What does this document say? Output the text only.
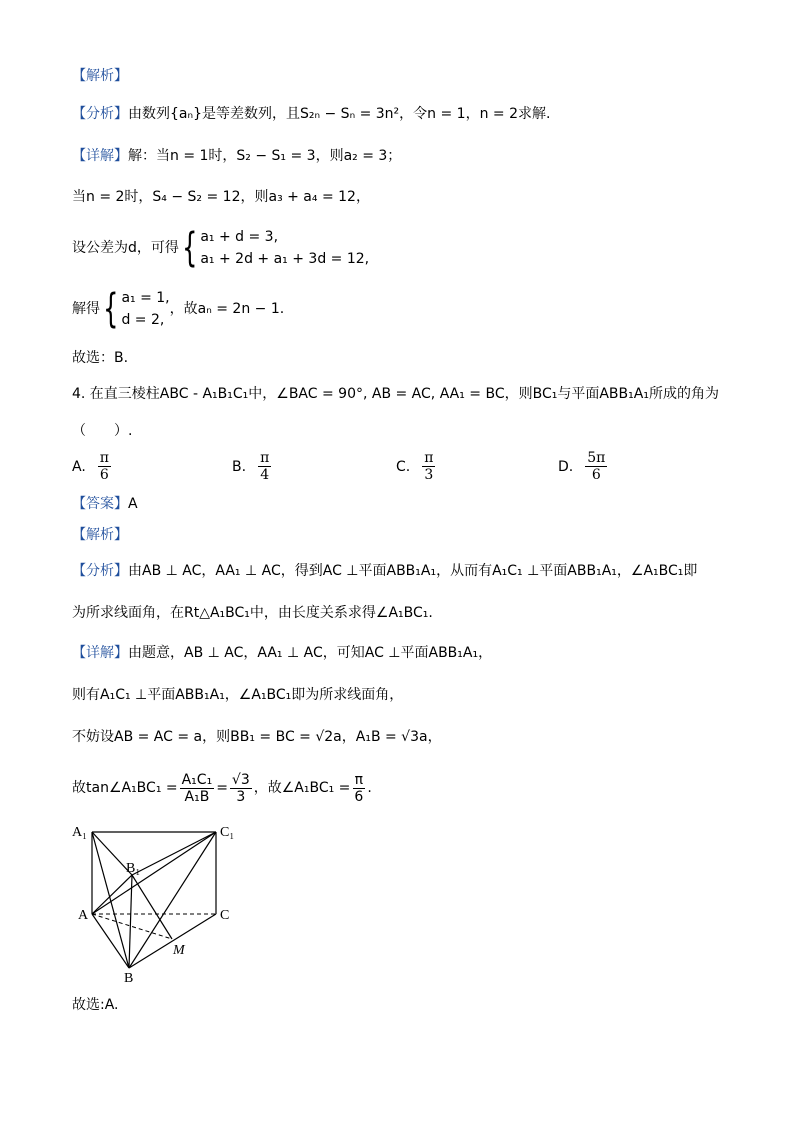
【解析】
【分析】由数列{aₙ}是等差数列，且S₂ₙ − Sₙ = 3n²，令n = 1，n = 2求解.
【详解】解：当n = 1时，S₂ − S₁ = 3，则a₂ = 3；
当n = 2时，S₄ − S₂ = 12，则a₃ + a₄ = 12，
设公差为d，可得 { a₁ + d = 3,
a₁ + 2d + a₁ + 3d = 12,
解得 { a₁ = 1,
d = 2,
，故aₙ = 2n − 1.
故选：B.
4. 在直三棱柱ABC - A₁B₁C₁中，∠BAC = 90°, AB = AC, AA₁ = BC，则BC₁与平面ABB₁A₁所成的角为
（　　）.
A. $\frac{\pi}{6}$	B. $\frac{\pi}{4}$	C. $\frac{\pi}{3}$	D. $\frac{5\pi}{6}$
【答案】A
【解析】
【分析】由AB ⊥ AC，AA₁ ⊥ AC，得到AC ⊥平面ABB₁A₁，从而有A₁C₁ ⊥平面ABB₁A₁，∠A₁BC₁即
为所求线面角，在Rt△A₁BC₁中，由长度关系求得∠A₁BC₁.
【详解】由题意，AB ⊥ AC，AA₁ ⊥ AC，可知AC ⊥平面ABB₁A₁，
则有A₁C₁ ⊥平面ABB₁A₁，∠A₁BC₁即为所求线面角，
不妨设AB = AC = a，则BB₁ = BC = √2a，A₁B = √3a，
故tan∠A₁BC₁ = $\frac{\text{A₁C₁}}{\text{A₁B}} = \frac{√3}{3}$ ，故∠A₁BC₁ = $\frac{\pi}{6}$ .
A₁	C₁
B₁
A	C
M
B
故选:A.
